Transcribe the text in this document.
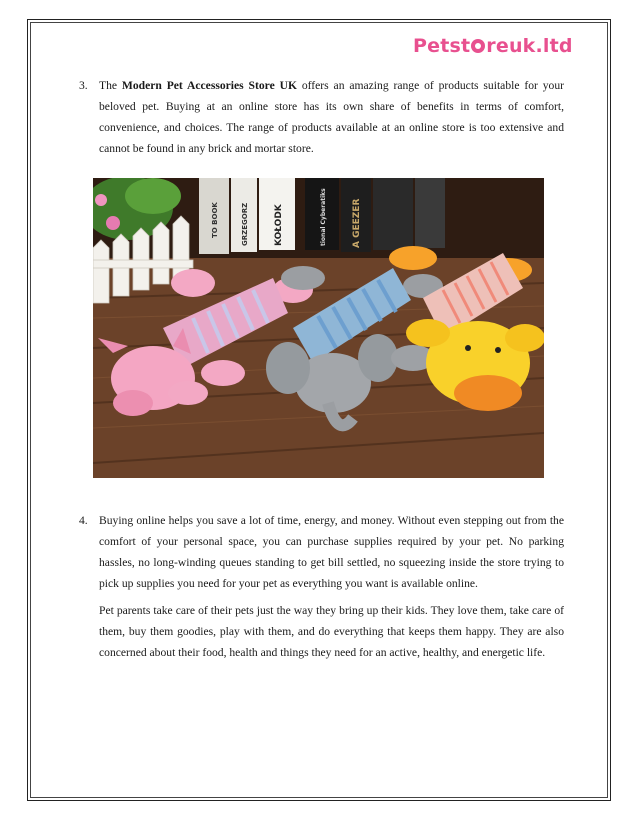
Petst reuk.ltd
3. The Modern Pet Accessories Store UK offers an amazing range of products suitable for your beloved pet. Buying at an online store has its own share of benefits in terms of comfort, convenience, and choices. The range of products available at an online store is too extensive and cannot be found in any brick and mortar store.
TO BOOK	GRZEGORZ	KOŁODK	tional Cyberatiks	A GEEZER
4. Buying online helps you save a lot of time, energy, and money. Without even stepping out from the comfort of your personal space, you can purchase supplies required by your pet. No parking hassles, no long-winding queues standing to get bill settled, no squeezing inside the store trying to pick up supplies you need for your pet as everything you want is available online.
Pet parents take care of their pets just the way they bring up their kids. They love them, take care of them, buy them goodies, play with them, and do everything that keeps them happy. They are also concerned about their food, health and things they need for an active, healthy, and energetic life.
